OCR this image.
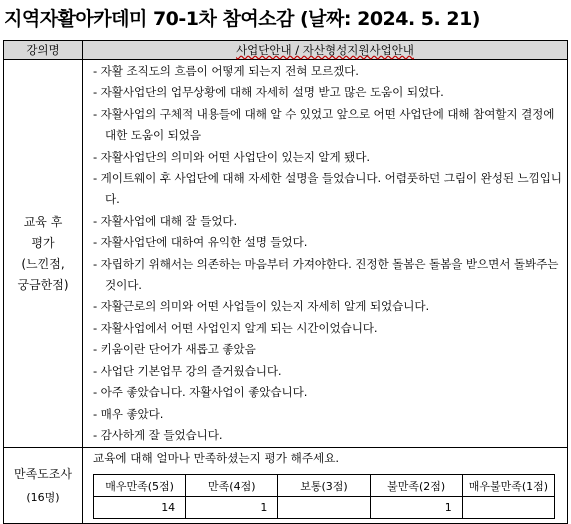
지역자활아카데미 70-1차 참여소감 (날짜: 2024. 5. 21)
강의명	사업단안내 / 자산형성지원사업안내

교육 후
평가
(느낀점,
궁금한점)

- 자활 조직도의 흐름이 어떻게 되는지 전혀 모르겠다.
- 자활사업단의 업무상황에 대해 자세히 설명 받고 많은 도움이 되었다.
- 자활사업의 구체적 내용들에 대해 알 수 있었고 앞으로 어떤 사업단에 대해 참여할지 결정에 대한 도움이 되었음
- 자활사업단의 의미와 어떤 사업단이 있는지 알게 됐다.
- 게이트웨이 후 사업단에 대해 자세한 설명을 들었습니다. 어렴풋하던 그림이 완성된 느낌입니다.
- 자활사업에 대해 잘 들었다.
- 자활사업단에 대하여 유익한 설명 들었다.
- 자립하기 위해서는 의존하는 마음부터 가져야한다. 진정한 돌봄은 돌봄을 받으면서 돌봐주는 것이다.
- 자활근로의 의미와 어떤 사업들이 있는지 자세히 알게 되었습니다.
- 자활사업에서 어떤 사업인지 알게 되는 시간이었습니다.
- 키움이란 단어가 새롭고 좋았음
- 사업단 기본업무 강의 즐거웠습니다.
- 아주 좋았습니다. 자활사업이 좋았습니다.
- 매우 좋았다.
- 감사하게 잘 들었습니다.

만족도조사
(16명)

교육에 대해 얼마나 만족하셨는지 평가 해주세요.
매우만족(5점)	만족(4점)	보통(3점)	불만족(2점)	매우불만족(1점)
14	1		1	
